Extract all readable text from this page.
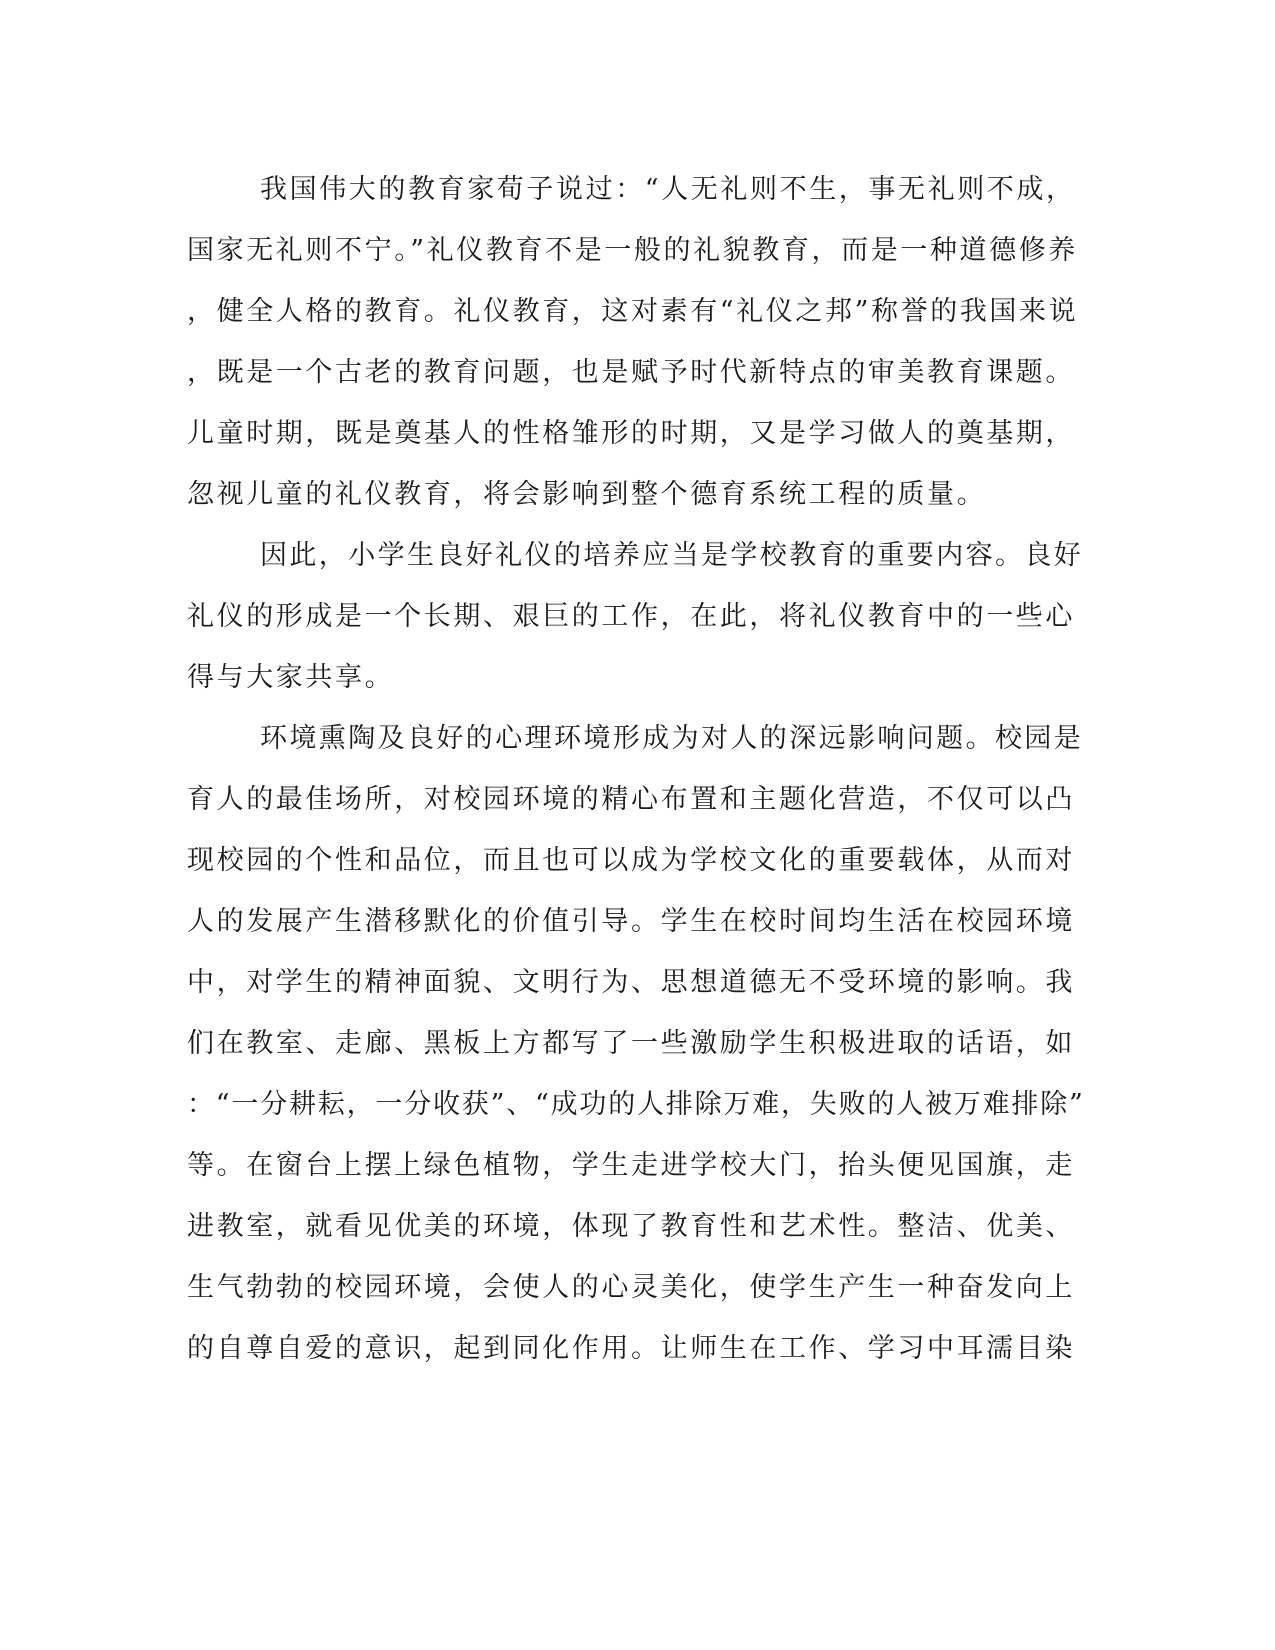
我国伟大的教育家荀子说过：“人无礼则不生，事无礼则不成，
国家无礼则不宁。”礼仪教育不是一般的礼貌教育，而是一种道德修养
，健全人格的教育。礼仪教育，这对素有“礼仪之邦”称誉的我国来说
，既是一个古老的教育问题，也是赋予时代新特点的审美教育课题。
儿童时期，既是奠基人的性格雏形的时期，又是学习做人的奠基期，
忽视儿童的礼仪教育，将会影响到整个德育系统工程的质量。
因此，小学生良好礼仪的培养应当是学校教育的重要内容。良好
礼仪的形成是一个长期、艰巨的工作，在此，将礼仪教育中的一些心
得与大家共享。
环境熏陶及良好的心理环境形成为对人的深远影响问题。校园是
育人的最佳场所，对校园环境的精心布置和主题化营造，不仅可以凸
现校园的个性和品位，而且也可以成为学校文化的重要载体，从而对
人的发展产生潜移默化的价值引导。学生在校时间均生活在校园环境
中，对学生的精神面貌、文明行为、思想道德无不受环境的影响。我
们在教室、走廊、黑板上方都写了一些激励学生积极进取的话语，如
：“一分耕耘，一分收获”、“成功的人排除万难，失败的人被万难排除”
等。在窗台上摆上绿色植物，学生走进学校大门，抬头便见国旗，走
进教室，就看见优美的环境，体现了教育性和艺术性。整洁、优美、
生气勃勃的校园环境，会使人的心灵美化，使学生产生一种奋发向上
的自尊自爱的意识，起到同化作用。让师生在工作、学习中耳濡目染
